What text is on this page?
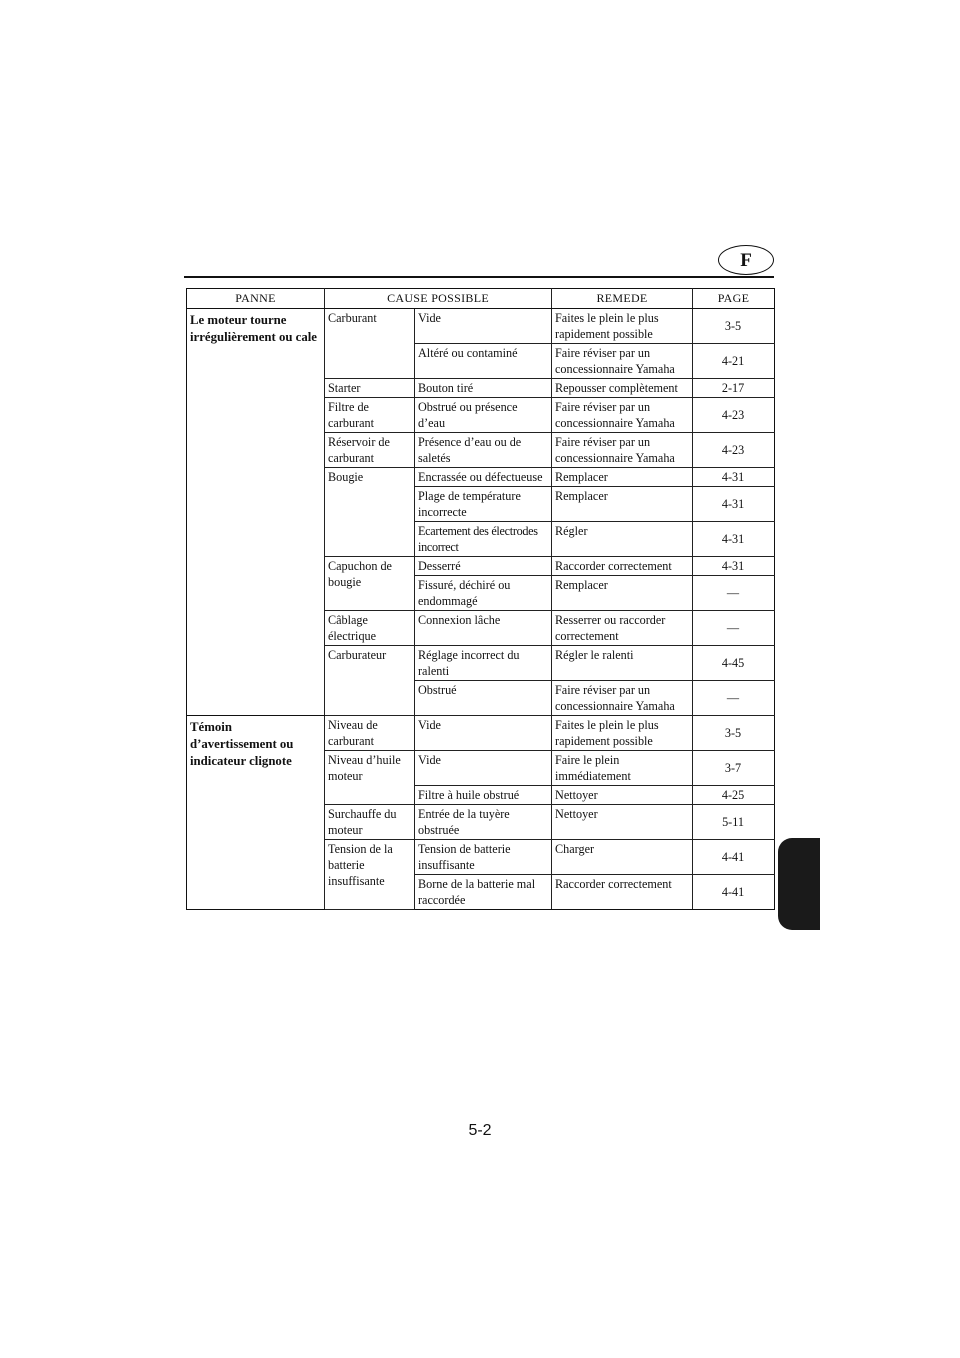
F
PANNE	CAUSE POSSIBLE		REMEDE	PAGE
Le moteur tourne irrégulièrement ou cale	Carburant	Vide	Faites le plein le plus rapidement possible	3-5
		Altéré ou contaminé	Faire réviser par un concessionnaire Yamaha	4-21
	Starter	Bouton tiré	Repousser complètement	2-17
	Filtre de carburant	Obstrué ou présence d’eau	Faire réviser par un concessionnaire Yamaha	4-23
	Réservoir de carburant	Présence d’eau ou de saletés	Faire réviser par un concessionnaire Yamaha	4-23
	Bougie	Encrassée ou défectueuse	Remplacer	4-31
		Plage de température incorrecte	Remplacer	4-31
		Ecartement des électrodes incorrect	Régler	4-31
	Capuchon de bougie	Desserré	Raccorder correctement	4-31
		Fissuré, déchiré ou endommagé	Remplacer	—
	Câblage électrique	Connexion lâche	Resserrer ou raccorder correctement	—
	Carburateur	Réglage incorrect du ralenti	Régler le ralenti	4-45
		Obstrué	Faire réviser par un concessionnaire Yamaha	—
Témoin d’avertissement ou indicateur clignote	Niveau de carburant	Vide	Faites le plein le plus rapidement possible	3-5
	Niveau d’huile moteur	Vide	Faire le plein immédiatement	3-7
		Filtre à huile obstrué	Nettoyer	4-25
	Surchauffe du moteur	Entrée de la tuyère obstruée	Nettoyer	5-11
	Tension de la batterie insuffisante	Tension de batterie insuffisante	Charger	4-41
		Borne de la batterie mal raccordée	Raccorder correctement	4-41
5-2
